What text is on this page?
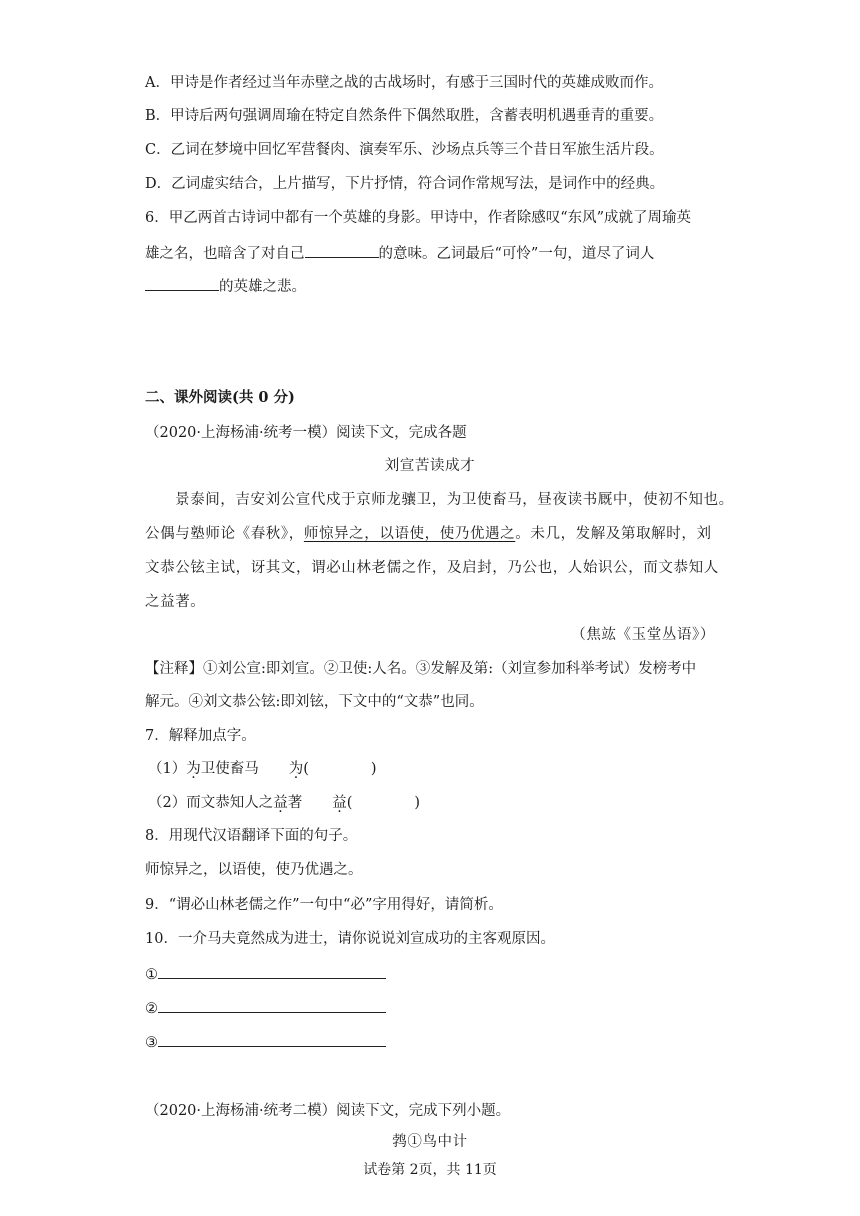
A．甲诗是作者经过当年赤壁之战的古战场时，有感于三国时代的英雄成败而作。
B．甲诗后两句强调周瑜在特定自然条件下偶然取胜，含蓄表明机遇垂青的重要。
C．乙词在梦境中回忆军营餐肉、演奏军乐、沙场点兵等三个昔日军旅生活片段。
D．乙词虚实结合，上片描写，下片抒情，符合词作常规写法，是词作中的经典。
6．甲乙两首古诗词中都有一个英雄的身影。甲诗中，作者除感叹“东风”成就了周瑜英
雄之名，也暗含了对自己	的意味。乙词最后“可怜”一句，道尽了词人
的英雄之悲。
二、课外阅读(共 0 分)
（2020·上海杨浦·统考一模）阅读下文，完成各题
刘宣苦读成才
景泰间，吉安刘公宣代戍于京师龙骧卫，为卫使畜马，昼夜读书厩中，使初不知也。
公偶与塾师论《春秋》，师惊异之，以语使，使乃优遇之。未几，发解及第取解时，刘
文恭公铉主试，讶其文，谓必山林老儒之作，及启封，乃公也，人始识公，而文恭知人
之益著。
（焦竑《玉堂丛语》）
【注释】①刘公宣:即刘宣。②卫使:人名。③发解及第:（刘宣参加科举考试）发榜考中
解元。④刘文恭公铉:即刘铉，下文中的“文恭”也同。
7．解释加点字。
（1）为卫使畜马 为(	)
（2）而文恭知人之益著 益(	)
8．用现代汉语翻译下面的句子。
师惊异之，以语使，使乃优遇之。
9．“谓必山林老儒之作”一句中“必”字用得好，请简析。
10．一介马夫竟然成为进士，请你说说刘宣成功的主客观原因。
①
②
③
（2020·上海杨浦·统考二模）阅读下文，完成下列小题。
鹁①鸟中计
试卷第 2页，共 11页
